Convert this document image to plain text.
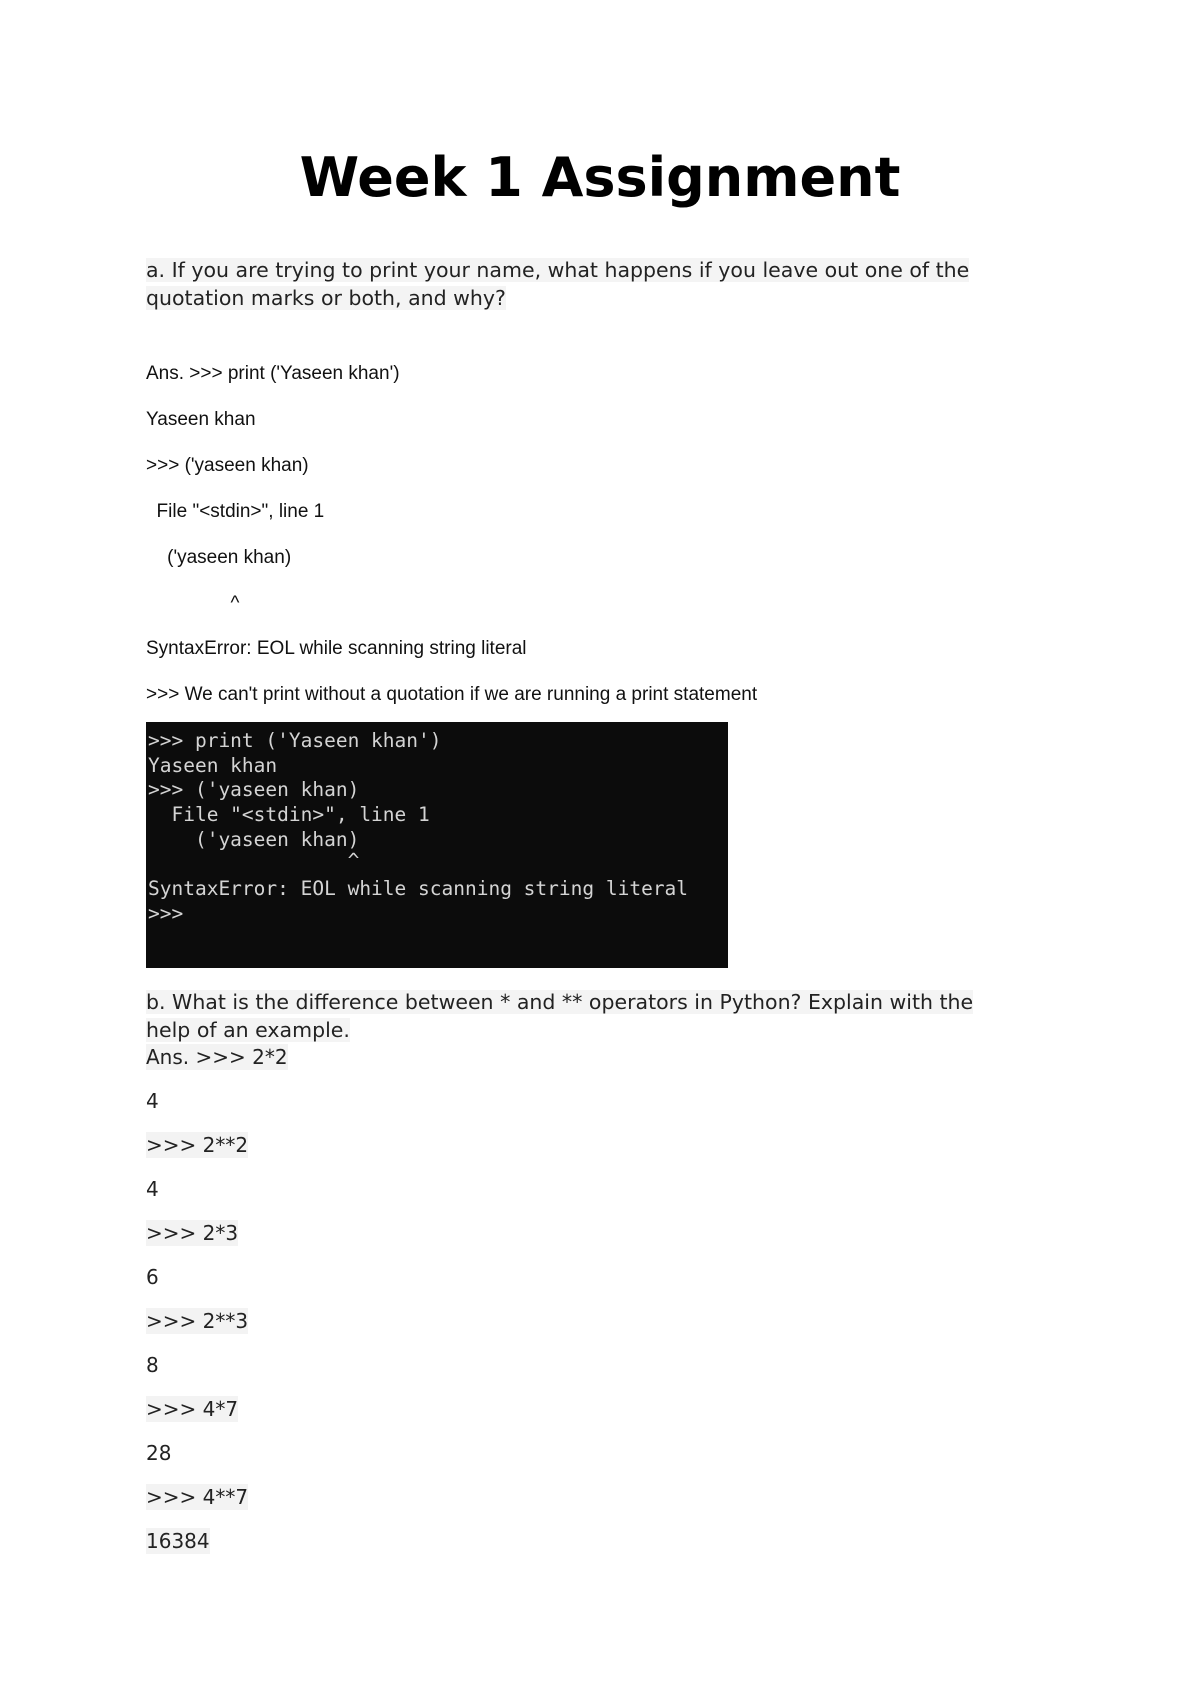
Week 1 Assignment
a. If you are trying to print your name, what happens if you leave out one of the
quotation marks or both, and why?
Ans. >>> print ('Yaseen khan')
Yaseen khan
>>> ('yaseen khan)
File "<stdin>", line 1
('yaseen khan)
^
SyntaxError: EOL while scanning string literal
>>> We can't print without a quotation if we are running a print statement
>>> print ('Yaseen khan')
Yaseen khan
>>> ('yaseen khan)
File "<stdin>", line 1
('yaseen khan)
^
SyntaxError: EOL while scanning string literal
>>>
b. What is the difference between * and ** operators in Python? Explain with the
help of an example.
Ans. >>> 2*2
4
>>> 2**2
4
>>> 2*3
6
>>> 2**3
8
>>> 4*7
28
>>> 4**7
16384
